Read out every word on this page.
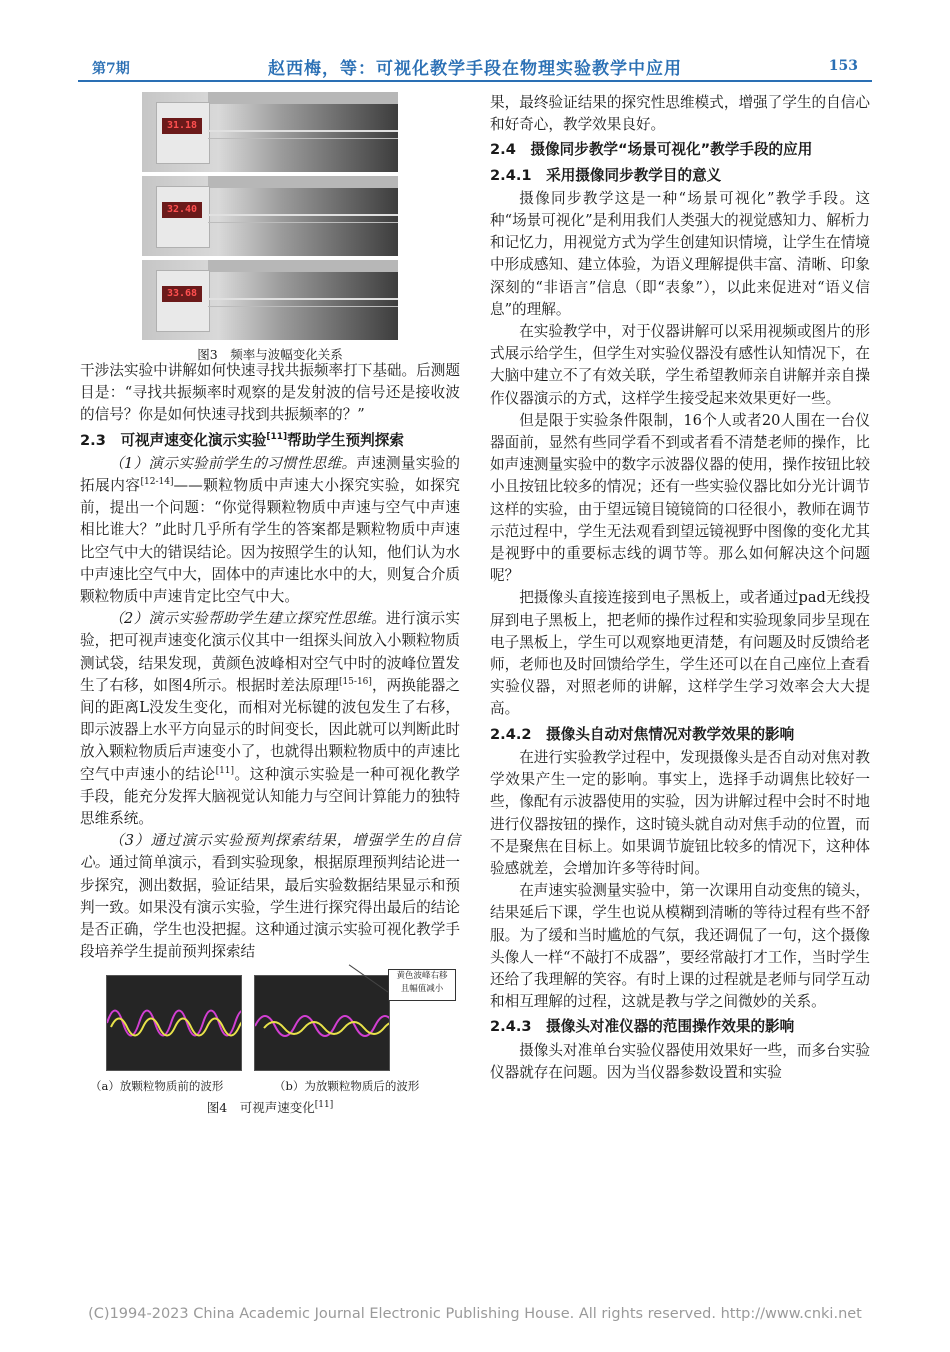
第7期	赵西梅，等：可视化教学手段在物理实验教学中应用	153
31.18
32.40
33.68
图3　频率与波幅变化关系

干涉法实验中讲解如何快速寻找共振频率打下基础。后测题目是：“寻找共振频率时观察的是发射波的信号还是接收波的信号？你是如何快速寻找到共振频率的？”

2.3　可视声速变化演示实验[11]帮助学生预判探索

（1）演示实验前学生的习惯性思维。声速测量实验的拓展内容[12-14]——颗粒物质中声速大小探究实验，如探究前，提出一个问题：“你觉得颗粒物质中声速与空气中声速相比谁大？”此时几乎所有学生的答案都是颗粒物质中声速比空气中大的错误结论。因为按照学生的认知，他们认为水中声速比空气中大，固体中的声速比水中的大，则复合介质颗粒物质中声速肯定比空气中大。

（2）演示实验帮助学生建立探究性思维。进行演示实验，把可视声速变化演示仪其中一组探头间放入小颗粒物质测试袋，结果发现，黄颜色波峰相对空气中时的波峰位置发生了右移，如图4所示。根据时差法原理[15-16]，两换能器之间的距离L没发生变化，而相对光标键的波包发生了右移，即示波器上水平方向显示的时间变长，因此就可以判断此时放入颗粒物质后声速变小了，也就得出颗粒物质中的声速比空气中声速小的结论[11]。这种演示实验是一种可视化教学手段，能充分发挥大脑视觉认知能力与空间计算能力的独特思维系统。

（3）通过演示实验预判探索结果，增强学生的自信心。通过简单演示，看到实验现象，根据原理预判结论进一步探究，测出数据，验证结果，最后实验数据结果显示和预判一致。如果没有演示实验，学生进行探究得出最后的结论是否正确，学生也没把握。这种通过演示实验可视化教学手段培养学生提前预判探索结

黄色波峰右移
且幅值减小
（a）放颗粒物质前的波形	（b）为放颗粒物质后的波形
图4　可视声速变化[11]

果，最终验证结果的探究性思维模式，增强了学生的自信心和好奇心，教学效果良好。

2.4　摄像同步教学“场景可视化”教学手段的应用
2.4.1　采用摄像同步教学目的意义

摄像同步教学这是一种“场景可视化”教学手段。这种“场景可视化”是利用我们人类强大的视觉感知力、解析力和记忆力，用视觉方式为学生创建知识情境，让学生在情境中形成感知、建立体验，为语义理解提供丰富、清晰、印象深刻的“非语言”信息（即“表象”），以此来促进对“语义信息”的理解。

在实验教学中，对于仪器讲解可以采用视频或图片的形式展示给学生，但学生对实验仪器没有感性认知情况下，在大脑中建立不了有效关联，学生希望教师亲自讲解并亲自操作仪器演示的方式，这样学生接受起来效果更好一些。

但是限于实验条件限制，16个人或者20人围在一台仪器面前，显然有些同学看不到或者看不清楚老师的操作，比如声速测量实验中的数字示波器仪器的使用，操作按钮比较小且按钮比较多的情况；还有一些实验仪器比如分光计调节这样的实验，由于望远镜目镜镜筒的口径很小，教师在调节示范过程中，学生无法观看到望远镜视野中图像的变化尤其是视野中的重要标志线的调节等。那么如何解决这个问题呢？

把摄像头直接连接到电子黑板上，或者通过pad无线投屏到电子黑板上，把老师的操作过程和实验现象同步呈现在电子黑板上，学生可以观察地更清楚，有问题及时反馈给老师，老师也及时回馈给学生，学生还可以在自己座位上查看实验仪器，对照老师的讲解，这样学生学习效率会大大提高。

2.4.2　摄像头自动对焦情况对教学效果的影响

在进行实验教学过程中，发现摄像头是否自动对焦对教学效果产生一定的影响。事实上，选择手动调焦比较好一些，像配有示波器使用的实验，因为讲解过程中会时不时地进行仪器按钮的操作，这时镜头就自动对焦手动的位置，而不是聚焦在目标上。如果调节旋钮比较多的情况下，这种体验感就差，会增加许多等待时间。

在声速实验测量实验中，第一次课用自动变焦的镜头，结果延后下课，学生也说从模糊到清晰的等待过程有些不舒服。为了缓和当时尴尬的气氛，我还调侃了一句，这个摄像头像人一样“不敲打不成器”，要经常敲打才工作，当时学生还给了我理解的笑容。有时上课的过程就是老师与同学互动和相互理解的过程，这就是教与学之间微妙的关系。

2.4.3　摄像头对准仪器的范围操作效果的影响

摄像头对准单台实验仪器使用效果好一些，而多台实验仪器就存在问题。因为当仪器参数设置和实验

(C)1994-2023 China Academic Journal Electronic Publishing House. All rights reserved. http://www.cnki.net
